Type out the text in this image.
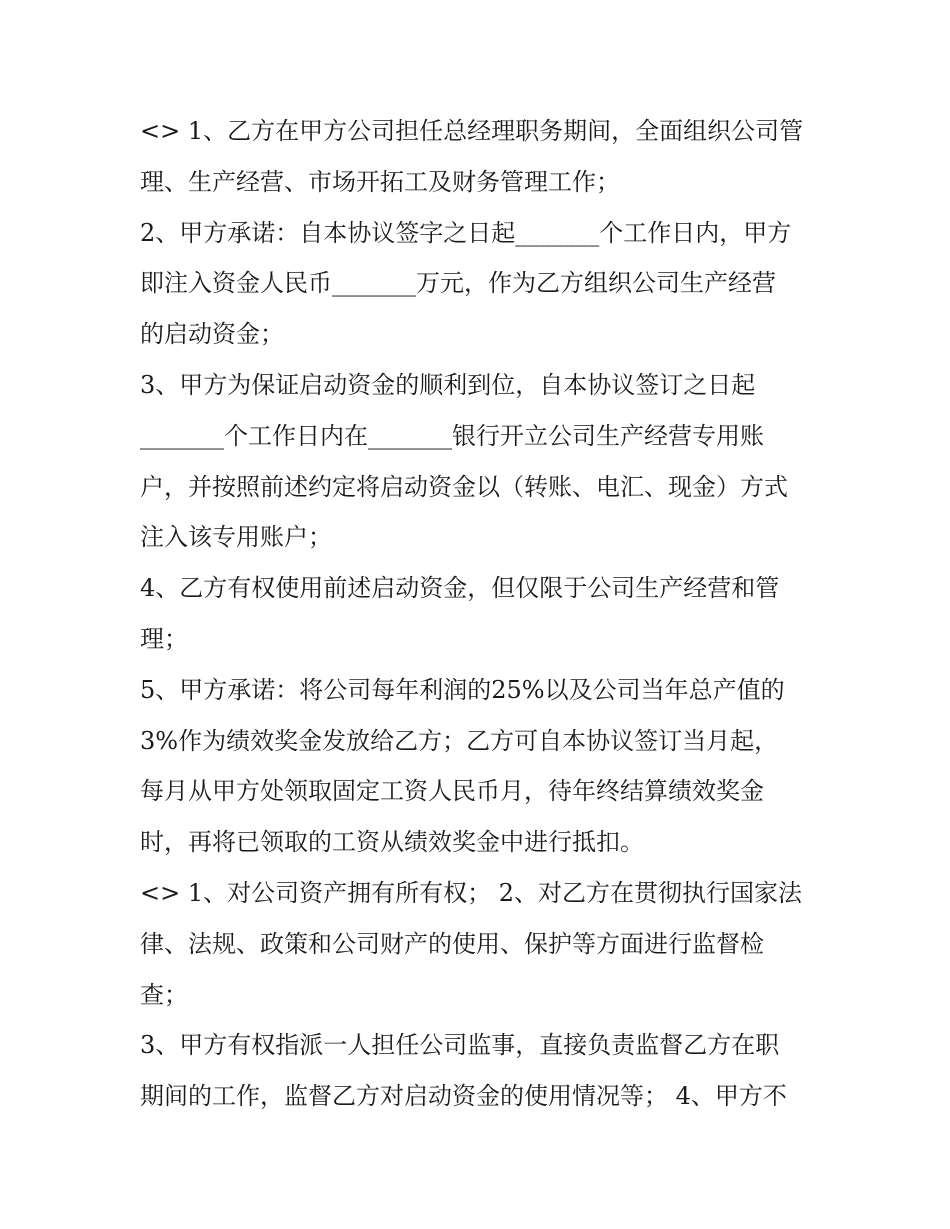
<> 1、乙方在甲方公司担任总经理职务期间，全面组织公司管
理、生产经营、市场开拓工及财务管理工作；
2、甲方承诺：自本协议签字之日起_______个工作日内，甲方
即注入资金人民币_______万元，作为乙方组织公司生产经营
的启动资金；
3、甲方为保证启动资金的顺利到位，自本协议签订之日起
_______个工作日内在_______银行开立公司生产经营专用账
户，并按照前述约定将启动资金以（转账、电汇、现金）方式
注入该专用账户；
4、乙方有权使用前述启动资金，但仅限于公司生产经营和管
理；
5、甲方承诺：将公司每年利润的25%以及公司当年总产值的
3%作为绩效奖金发放给乙方；乙方可自本协议签订当月起，
每月从甲方处领取固定工资人民币月，待年终结算绩效奖金
时，再将已领取的工资从绩效奖金中进行抵扣。
<> 1、对公司资产拥有所有权； 2、对乙方在贯彻执行国家法
律、法规、政策和公司财产的使用、保护等方面进行监督检
查；
3、甲方有权指派一人担任公司监事，直接负责监督乙方在职
期间的工作，监督乙方对启动资金的使用情况等； 4、甲方不
